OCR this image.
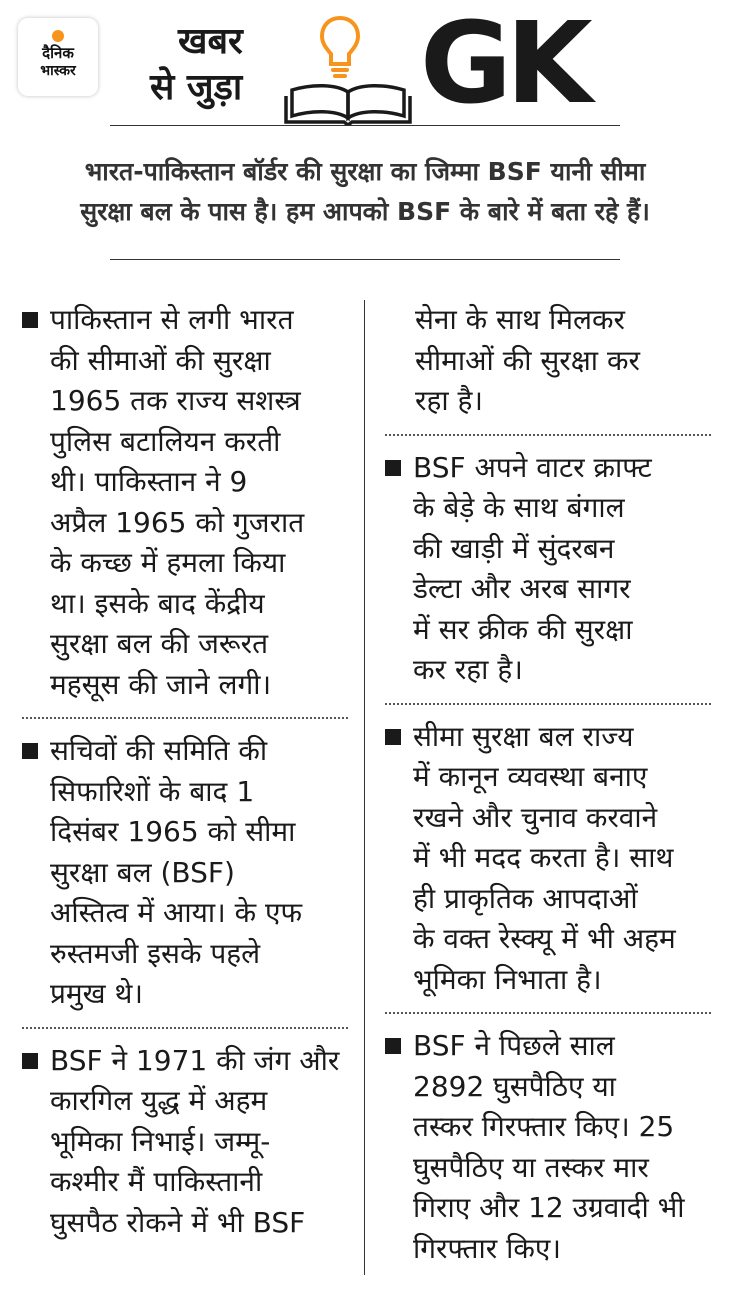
दैनिक
भास्कर
खबर
से जुड़ा GK
भारत-पाकिस्तान बॉर्डर की सुरक्षा का जिम्मा BSF यानी सीमा
सुरक्षा बल के पास है। हम आपको BSF के बारे में बता रहे हैं।
पाकिस्तान से लगी भारत
की सीमाओं की सुरक्षा
1965 तक राज्य सशस्त्र
पुलिस बटालियन करती
थी। पाकिस्तान ने 9
अप्रैल 1965 को गुजरात
के कच्छ में हमला किया
था। इसके बाद केंद्रीय
सुरक्षा बल की जरूरत
महसूस की जाने लगी।
सचिवों की समिति की
सिफारिशों के बाद 1
दिसंबर 1965 को सीमा
सुरक्षा बल (BSF)
अस्तित्व में आया। के एफ
रुस्तमजी इसके पहले
प्रमुख थे।
BSF ने 1971 की जंग और
कारगिल युद्ध में अहम
भूमिका निभाई। जम्मू-
कश्मीर मैं पाकिस्तानी
घुसपैठ रोकने में भी BSF
सेना के साथ मिलकर
सीमाओं की सुरक्षा कर
रहा है।
BSF अपने वाटर क्राफ्ट
के बेड़े के साथ बंगाल
की खाड़ी में सुंदरबन
डेल्टा और अरब सागर
में सर क्रीक की सुरक्षा
कर रहा है।
सीमा सुरक्षा बल राज्य
में कानून व्यवस्था बनाए
रखने और चुनाव करवाने
में भी मदद करता है। साथ
ही प्राकृतिक आपदाओं
के वक्त रेस्क्यू में भी अहम
भूमिका निभाता है।
BSF ने पिछले साल
2892 घुसपैठिए या
तस्कर गिरफ्तार किए। 25
घुसपैठिए या तस्कर मार
गिराए और 12 उग्रवादी भी
गिरफ्तार किए।
